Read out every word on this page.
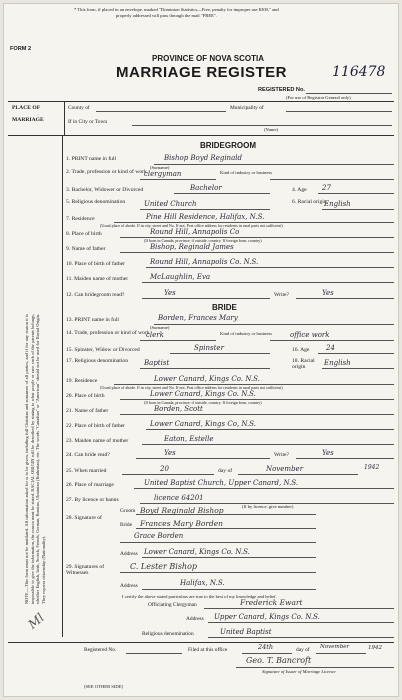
* This form, if placed in an envelope, marked "Dominion Statistics—Free, penalty for improper use $300," and
properly addressed will pass through the mail "FREE".
FORM 2
PROVINCE OF NOVA SCOTIA
MARRIAGE REGISTER	116478
REGISTERED No.
(For use of Registrar General only)
PLACE OF
MARRIAGE
County of	Municipality of
If in City or Town
(Name)
NOTE.—This form must not be mutilated. All information asked for is to be given, including full Christian and surnames of all parties, and if for any reason it is impossible to give the information, the reason must be stated. RACIAL ORIGIN will be described by stating to what people or race each of the parents belongs, whether English, Irish, Scotch, French, German, Russian, Ukrainian (Ruthenian), etc. The words "Canadian" or "American" should not be used for Racial Origin. They express citizenship (Nationality).
BRIDEGROOM
1. PRINT name in full	Bishop Boyd Reginald
(Surname)
2. Trade, profession or kind of work
clergyman	Kind of industry or business
3. Bachelor, Widower or Divorced	Bachelor	4. Age 27
5. Religious denomination	United Church	6. Racial origin
English
7. Residence	Pine Hill Residence, Halifax, N.S.
(Usual place of abode. If in city, street and No. If not, Post office address for residents in rural parts not sufficient)
8. Place of birth	Round Hill, Annapolis Co
(If born in Canada, province; if outside, country. If foreign born, country)
9. Name of father	Bishop, Reginald James
10. Place of birth of father	Round Hill, Annapolis Co. N.S.
11. Maiden name of mother	McLaughlin, Eva
12. Can bridegroom read?	Yes	Write?	Yes
BRIDE
13. PRINT name in full	Borden, Frances Mary
(Surname)
14. Trade, profession or kind of work
clerk	Kind of industry or business	office work
15. Spinster, Widow or Divorced	Spinster	16. Age 24
17. Religious denomination	Baptist	18. Racial origin	English
19. Residence	Lower Canard, Kings Co. N.S.
(Usual place of abode. If in city, street and No. If not, Post office address for residents in rural parts not sufficient)
20. Place of birth	Lower Canard, Kings Co. N.S.
(If born in Canada, province; if outside, country. If foreign born, country)
21. Name of father	Borden, Scott
22. Place of birth of father	Lower Canard, Kings Co, N.S.
23. Maiden name of mother	Eaton, Estelle
24. Can bride read?	Yes	Write?	Yes
25. When married	20	day of	November	1942
26. Place of marriage	United Baptist Church, Upper Canard, N.S.
27. By licence or banns	licence 64201
(If by licence, give number)
28. Signature of
Groom Boyd Reginald Bishop
Bride Frances Mary Borden
Grace Borden
Address Lower Canard, Kings Co. N.S.
29. Signatures of Witnesses
C. Lester Bishop
Address	Halifax, N.S.
I certify the above stated particulars are true to the best of my knowledge and belief.
Officiating Clergyman	Frederick Ewart
Address Upper Canard, Kings Co. N.S.
Religious denomination	United Baptist
Ml
Registered No.	Filed at this office	24th	day of November	1942
Geo. T. Bancroft
Signature of Issuer of Marriage Licence
[SEE OTHER SIDE]
